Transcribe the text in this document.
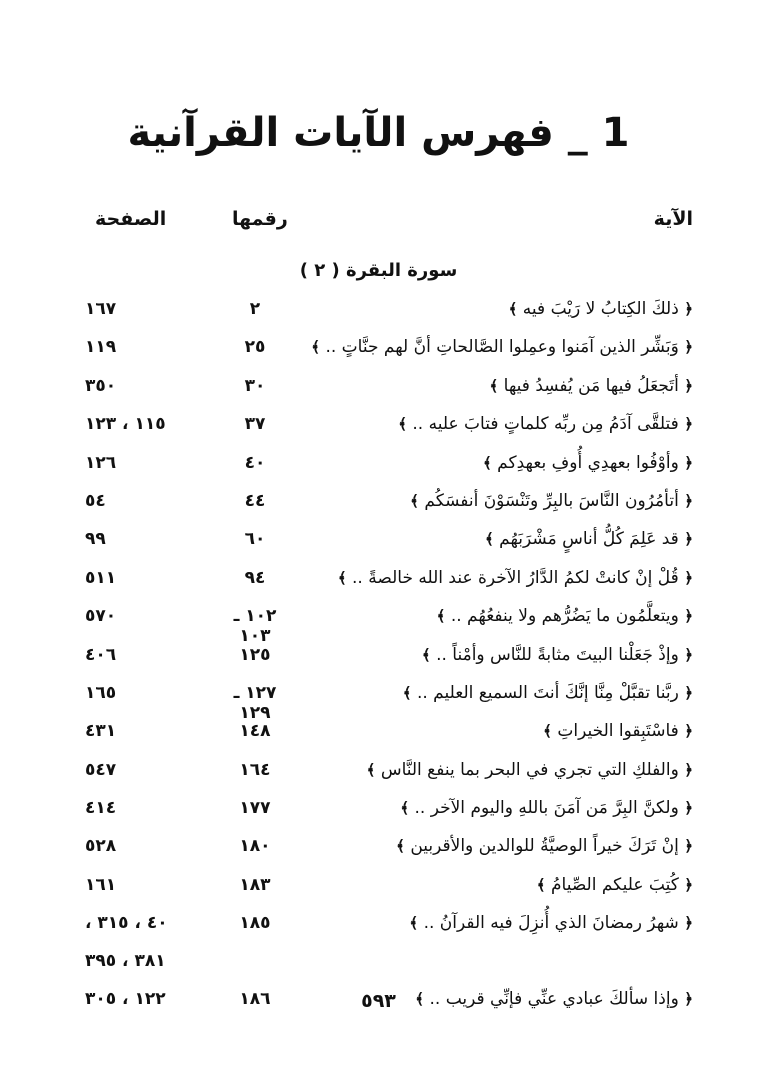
1 _ فهرس الآيات القرآنية
الآية
رقمها
الصفحة
سورة البقرة ( ٢ )
﴿ ذلكَ الكِتابُ لا رَيْبَ فيه ﴾
٢
١٦٧
﴿ وَبَشِّر الذين آمَنوا وعمِلوا الصَّالحاتِ أنَّ لهم جنَّاتٍ .. ﴾
٢٥
١١٩
﴿ أتَجعَلُ فيها مَن يُفسِدُ فيها ﴾
٣٠
٣٥٠
﴿ فتلقَّى آدَمُ مِن ربِّه كلماتٍ فتابَ عليه .. ﴾
٣٧
١١٥ ، ١٢٣
﴿ وأوْفُوا بعهدِي أُوفِ بعهدِكم ﴾
٤٠
١٢٦
﴿ أتأمُرُون النَّاسَ بالبِرِّ وتَنْسَوْنَ أنفسَكُم ﴾
٤٤
٥٤
﴿ قد عَلِمَ كُلُّ أناسٍ مَشْرَبَهُم ﴾
٦٠
٩٩
﴿ قُلْ إنْ كانتْ لكمُ الدَّارُ الآخرة عند الله خالصةً .. ﴾
٩٤
٥١١
﴿ ويتعلَّمُون ما يَضُرُّهم ولا ينفعُهُم .. ﴾
١٠٢ ـ ١٠٣
٥٧٠
﴿ وإذْ جَعَلْنا البيتَ مثابةً للنَّاس وأمْناً .. ﴾
١٢٥
٤٠٦
﴿ ربَّنا تقبَّلْ مِنَّا إنَّكَ أنتَ السميع العليم .. ﴾
١٢٧ ـ ١٢٩
١٦٥
﴿ فاسْتَبِقوا الخيراتِ ﴾
١٤٨
٤٣١
﴿ والفلكِ التي تجري في البحر بما ينفع النَّاس ﴾
١٦٤
٥٤٧
﴿ ولكنَّ البِرَّ مَن آمَنَ باللهِ واليوم الآخر .. ﴾
١٧٧
٤١٤
﴿ إنْ تَرَكَ خيراً الوصيَّةُ للوالدين والأقربين ﴾
١٨٠
٥٢٨
﴿ كُتِبَ عليكم الصِّيامُ ﴾
١٨٣
١٦١
﴿ شهرُ رمضانَ الذي أُنزِلَ فيه القرآنُ .. ﴾
١٨٥
٤٠ ، ٣١٥ ،
٣٨١ ، ٣٩٥
﴿ وإذا سألكَ عبادي عنِّي فإنِّي قريب .. ﴾
١٨٦
١٢٢ ، ٣٠٥	٥٩٣
